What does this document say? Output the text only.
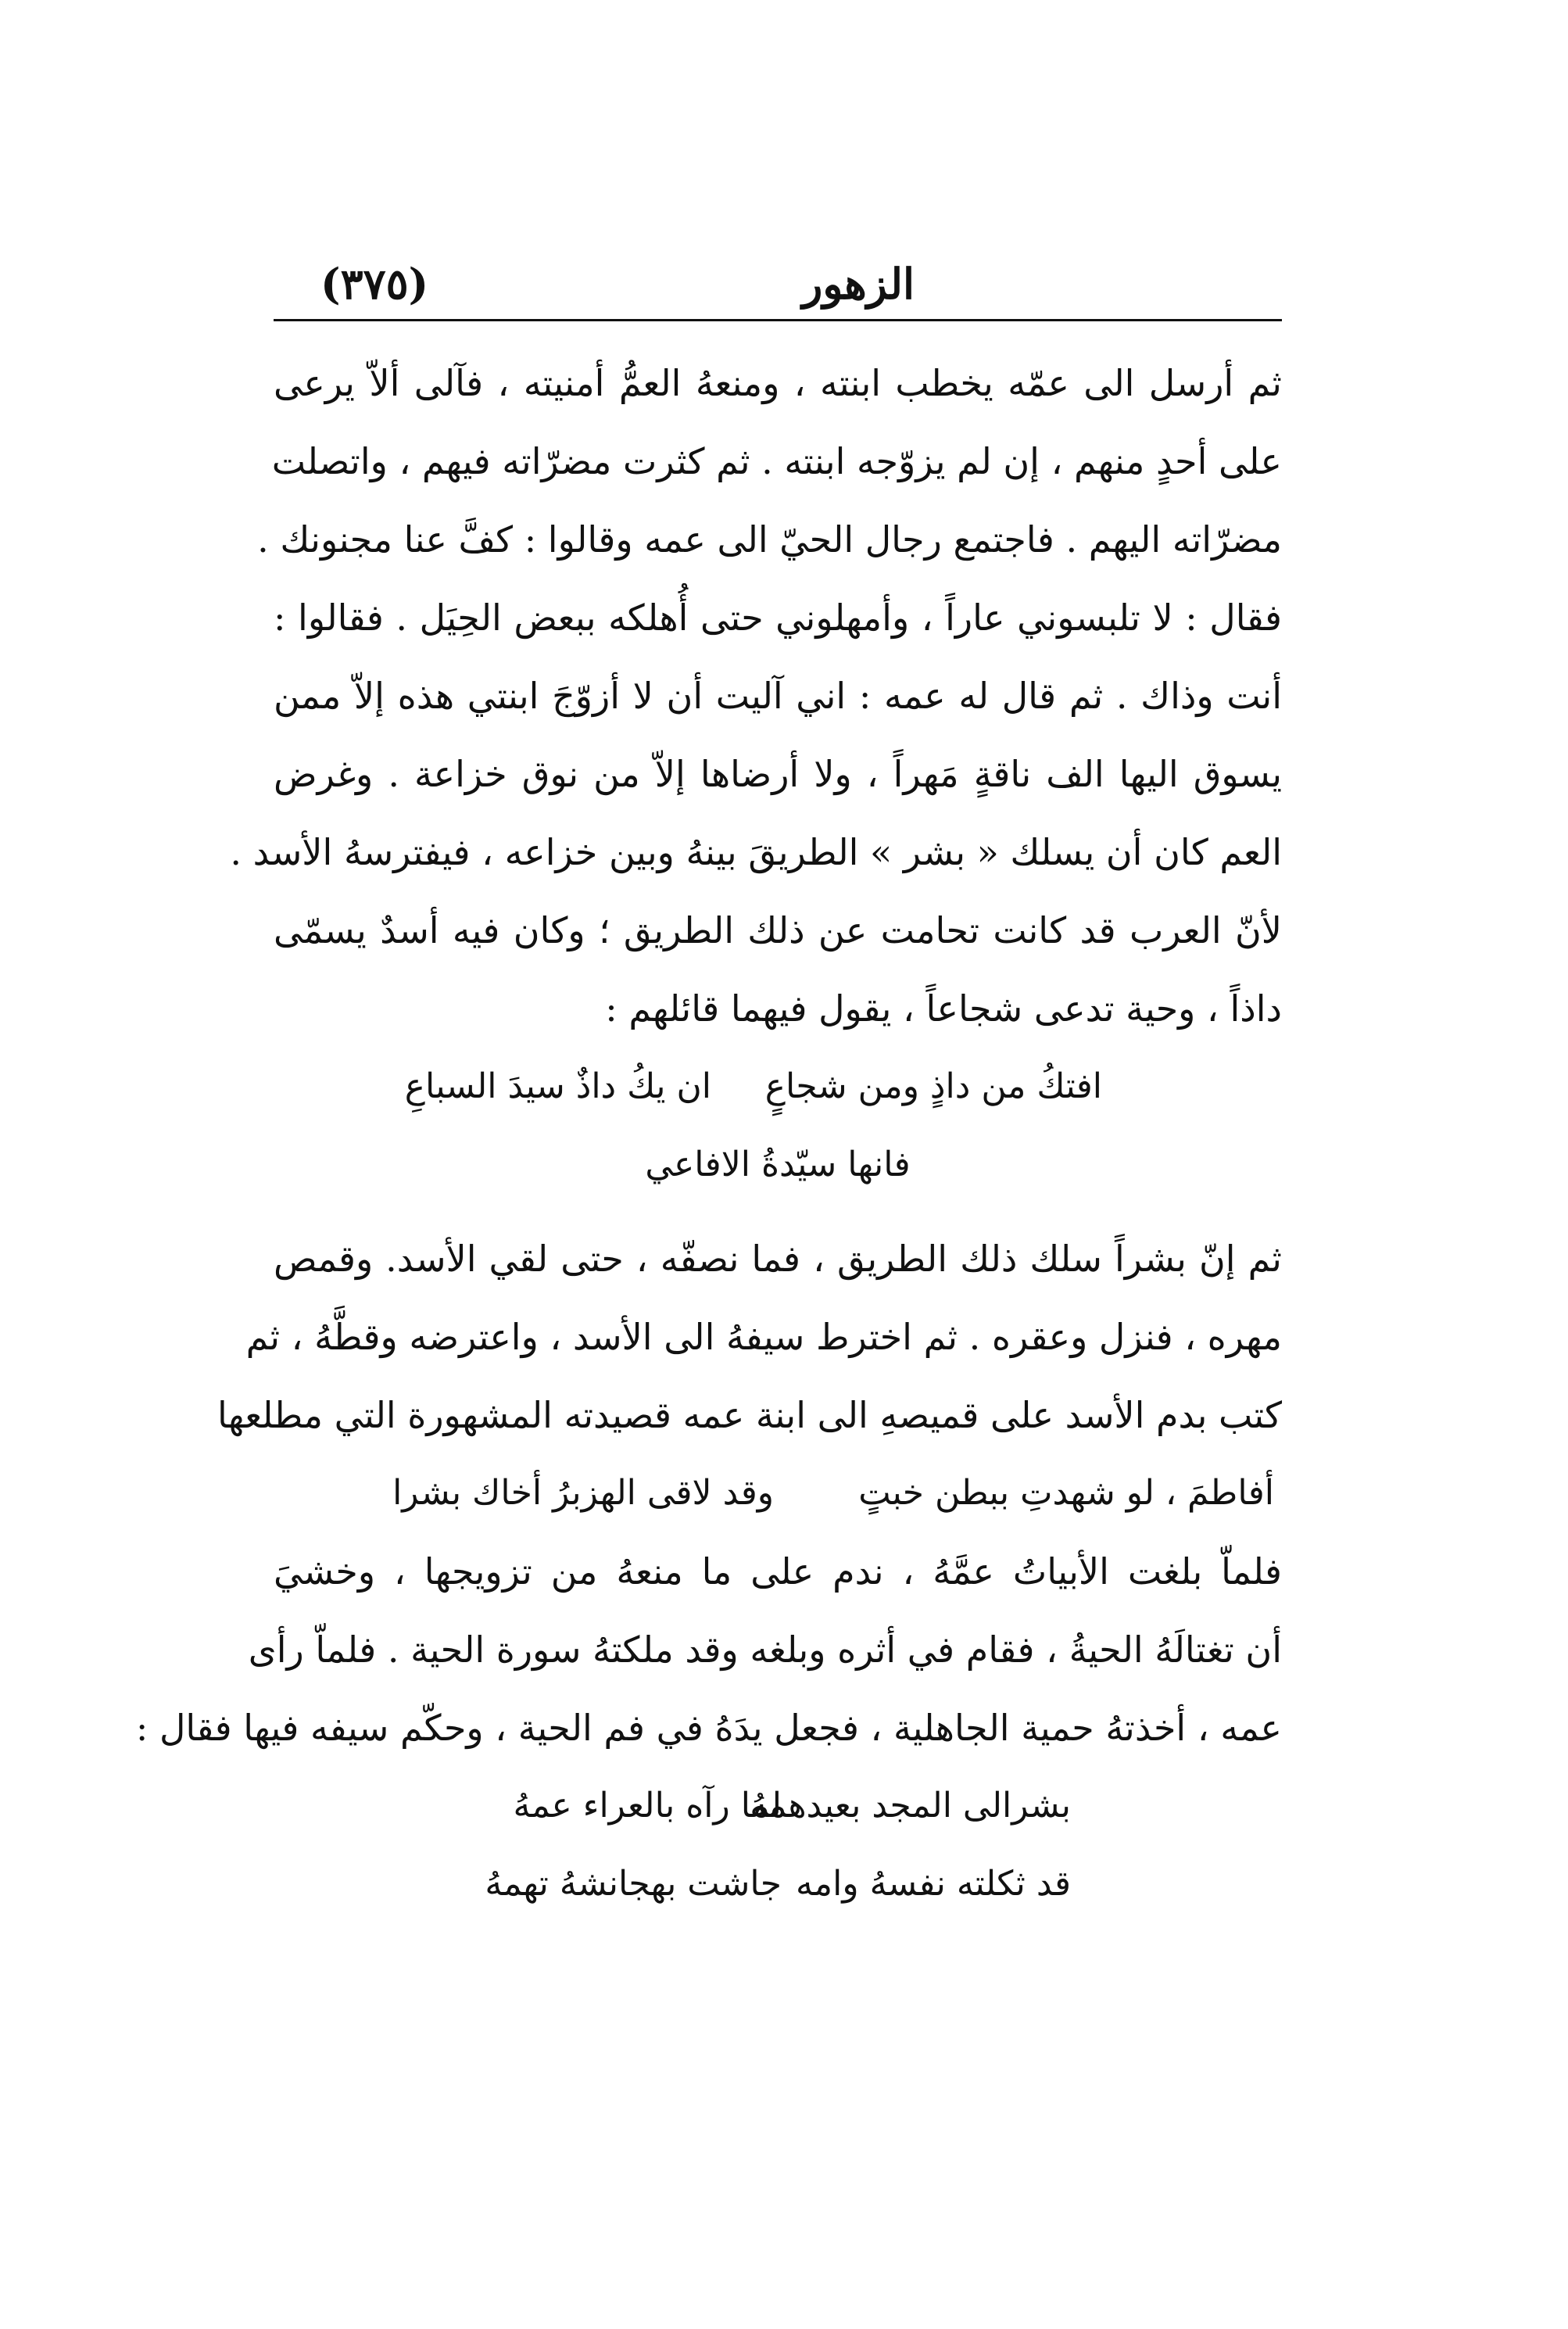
الزهور
(٣٧٥)

ثم أرسل الى عمّه يخطب ابنته ، ومنعهُ العمُّ أمنيته ، فآلى ألاّ يرعى
على أحدٍ منهم ، إن لم يزوّجه ابنته . ثم كثرت مضرّاته فيهم ، واتصلت
مضرّاته اليهم . فاجتمع رجال الحيّ الى عمه وقالوا : كفَّ عنا مجنونك .
فقال : لا تلبسوني عاراً ، وأمهلوني حتى أُهلكه ببعض الحِيَل . فقالوا :
أنت وذاك . ثم قال له عمه : اني آليت أن لا أزوّجَ ابنتي هذه إلاّ ممن
يسوق اليها الف ناقةٍ مَهراً ، ولا أرضاها إلاّ من نوق خزاعة . وغرض
العم كان أن يسلك « بشر » الطريقَ بينهُ وبين خزاعه ، فيفترسهُ الأسد .
لأنّ العرب قد كانت تحامت عن ذلك الطريق ؛ وكان فيه أسدٌ يسمّى
داذاً ، وحية تدعى شجاعاً ، يقول فيهما قائلهم :

افتكُ من داذٍ ومن شجاعٍ
ان يكُ داذٌ سيدَ السباعِ
فانها سيّدةُ الافاعي

ثم إنّ بشراً سلك ذلك الطريق ، فما نصفّه ، حتى لقي الأسد. وقمص
مهره ، فنزل وعقره . ثم اخترط سيفهُ الى الأسد ، واعترضه وقطَّهُ ، ثم
كتب بدم الأسد على قميصهِ الى ابنة عمه قصيدته المشهورة التي مطلعها

أفاطمَ ، لو شهدتِ ببطن خبتٍ
وقد لاقى الهزبرُ أخاك بشرا

فلماّ بلغت الأبياتُ عمَّهُ ، ندم على ما منعهُ من تزويجها ، وخشيَ
أن تغتالَهُ الحيةُ ، فقام في أثره وبلغه وقد ملكتهُ سورة الحية . فلماّ رأى
عمه ، أخذتهُ حمية الجاهلية ، فجعل يدَهُ في فم الحية ، وحكّم سيفه فيها فقال :

بشرالى المجد بعيدهمهُ
لما رآه بالعراء عمهُ
قد ثكلته نفسهُ وامه
جاشت بهجانشهُ تهمهُ
